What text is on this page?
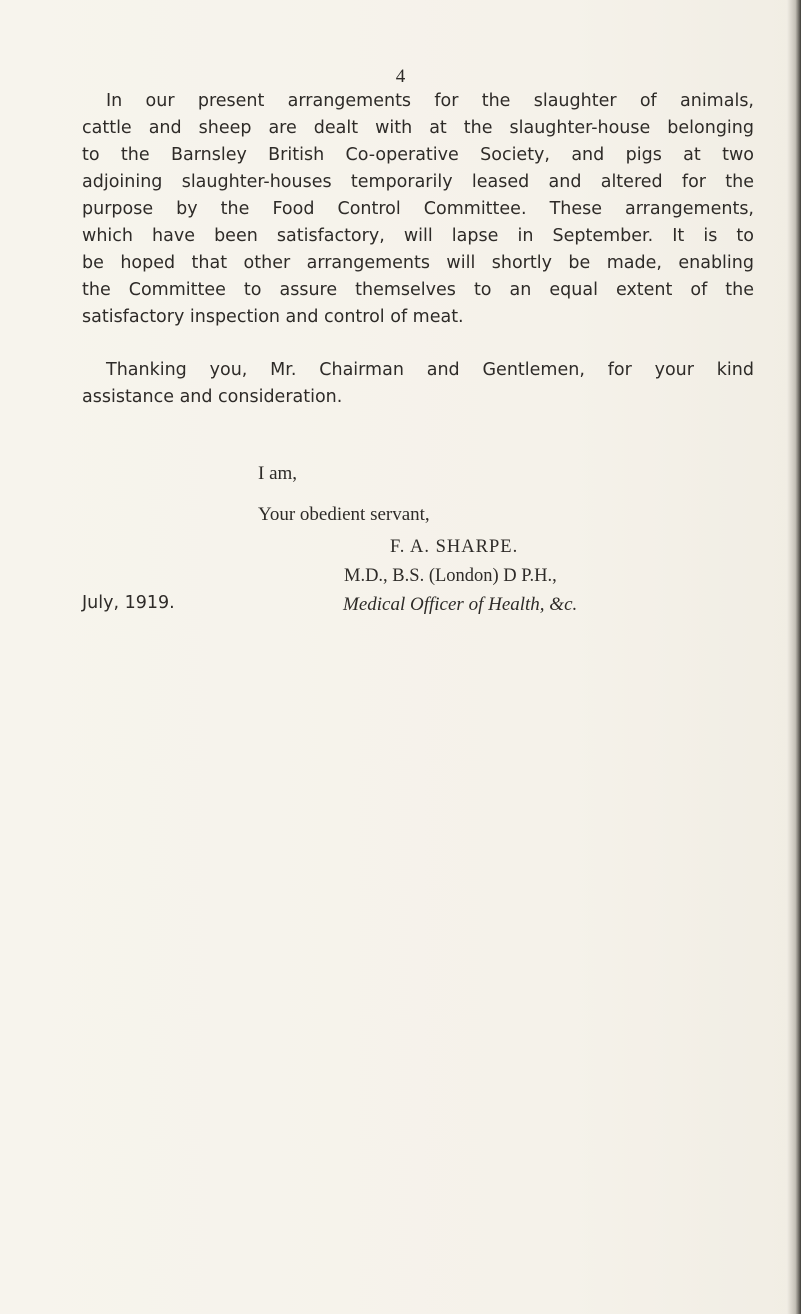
4
In our present arrangements for the slaughter of animals,
cattle and sheep are dealt with at the slaughter-house belonging
to the Barnsley British Co-operative Society, and pigs at two
adjoining slaughter-houses temporarily leased and altered for the
purpose by the Food Control Committee. These arrangements,
which have been satisfactory, will lapse in September. It is to
be hoped that other arrangements will shortly be made, enabling
the Committee to assure themselves to an equal extent of the
satisfactory inspection and control of meat.
Thanking you, Mr. Chairman and Gentlemen, for your kind
assistance and consideration.
I am,
Your obedient servant,
F. A. SHARPE.
M.D., B.S. (London) D P.H.,
Medical Officer of Health, &c.
July, 1919.
